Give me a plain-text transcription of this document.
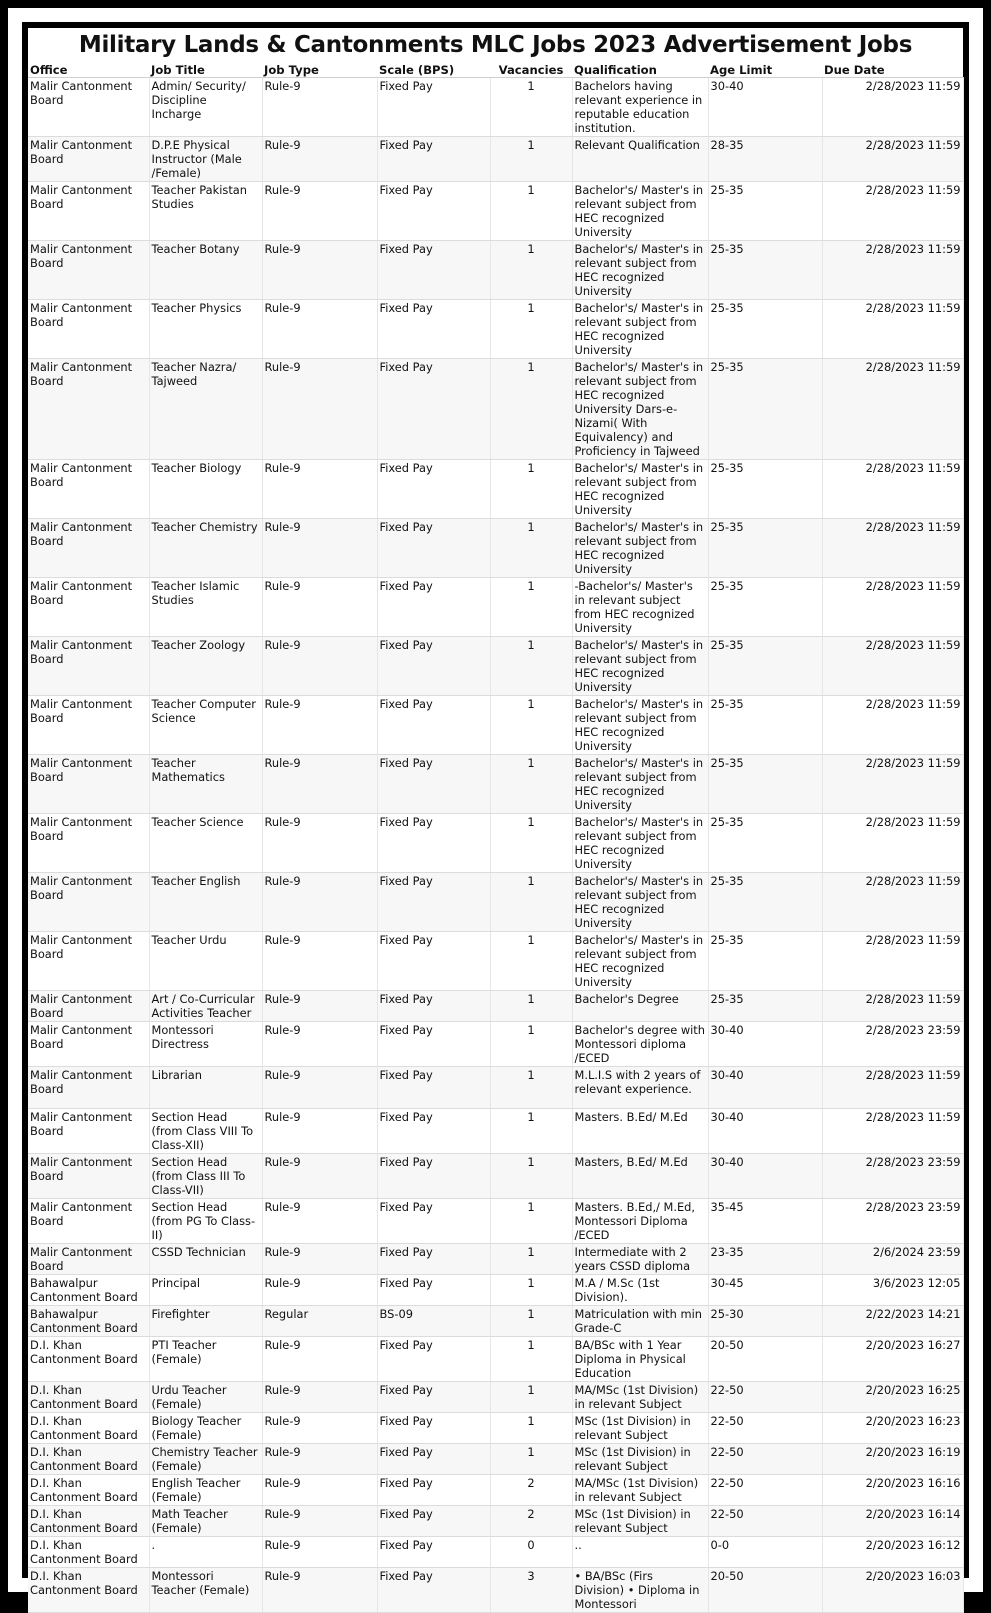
Military Lands & Cantonments MLC Jobs 2023 Advertisement Jobs
Office	Job Title	Job Type	Scale (BPS)	Vacancies	Qualification	Age Limit	Due Date
Malir Cantonment Board	Admin/ Security/ Discipline Incharge	Rule-9	Fixed Pay	1	Bachelors having relevant experience in reputable education institution.	30-40	2/28/2023 11:59
Malir Cantonment Board	D.P.E Physical Instructor (Male /Female)	Rule-9	Fixed Pay	1	Relevant Qualification	28-35	2/28/2023 11:59
Malir Cantonment Board	Teacher Pakistan Studies	Rule-9	Fixed Pay	1	Bachelor's/ Master's in relevant subject from HEC recognized University	25-35	2/28/2023 11:59
Malir Cantonment Board	Teacher Botany	Rule-9	Fixed Pay	1	Bachelor's/ Master's in relevant subject from HEC recognized University	25-35	2/28/2023 11:59
Malir Cantonment Board	Teacher Physics	Rule-9	Fixed Pay	1	Bachelor's/ Master's in relevant subject from HEC recognized University	25-35	2/28/2023 11:59
Malir Cantonment Board	Teacher Nazra/ Tajweed	Rule-9	Fixed Pay	1	Bachelor's/ Master's in relevant subject from HEC recognized University Dars-e-Nizami( With Equivalency) and Proficiency in Tajweed	25-35	2/28/2023 11:59
Malir Cantonment Board	Teacher Biology	Rule-9	Fixed Pay	1	Bachelor's/ Master's in relevant subject from HEC recognized University	25-35	2/28/2023 11:59
Malir Cantonment Board	Teacher Chemistry	Rule-9	Fixed Pay	1	Bachelor's/ Master's in relevant subject from HEC recognized University	25-35	2/28/2023 11:59
Malir Cantonment Board	Teacher Islamic Studies	Rule-9	Fixed Pay	1	-Bachelor's/ Master's in relevant subject from HEC recognized University	25-35	2/28/2023 11:59
Malir Cantonment Board	Teacher Zoology	Rule-9	Fixed Pay	1	Bachelor's/ Master's in relevant subject from HEC recognized University	25-35	2/28/2023 11:59
Malir Cantonment Board	Teacher Computer Science	Rule-9	Fixed Pay	1	Bachelor's/ Master's in relevant subject from HEC recognized University	25-35	2/28/2023 11:59
Malir Cantonment Board	Teacher Mathematics	Rule-9	Fixed Pay	1	Bachelor's/ Master's in relevant subject from HEC recognized University	25-35	2/28/2023 11:59
Malir Cantonment Board	Teacher Science	Rule-9	Fixed Pay	1	Bachelor's/ Master's in relevant subject from HEC recognized University	25-35	2/28/2023 11:59
Malir Cantonment Board	Teacher English	Rule-9	Fixed Pay	1	Bachelor's/ Master's in relevant subject from HEC recognized University	25-35	2/28/2023 11:59
Malir Cantonment Board	Teacher Urdu	Rule-9	Fixed Pay	1	Bachelor's/ Master's in relevant subject from HEC recognized University	25-35	2/28/2023 11:59
Malir Cantonment Board	Art / Co-Curricular Activities Teacher	Rule-9	Fixed Pay	1	Bachelor's Degree	25-35	2/28/2023 11:59
Malir Cantonment Board	Montessori Directress	Rule-9	Fixed Pay	1	Bachelor's degree with Montessori diploma /ECED	30-40	2/28/2023 23:59
Malir Cantonment Board	Librarian	Rule-9	Fixed Pay	1	M.L.I.S with 2 years of relevant experience.	30-40	2/28/2023 11:59
Malir Cantonment Board	Section Head (from Class VIII To Class-XII)	Rule-9	Fixed Pay	1	Masters. B.Ed/ M.Ed	30-40	2/28/2023 11:59
Malir Cantonment Board	Section Head (from Class III To Class-VII)	Rule-9	Fixed Pay	1	Masters, B.Ed/ M.Ed	30-40	2/28/2023 23:59
Malir Cantonment Board	Section Head (from PG To Class-II)	Rule-9	Fixed Pay	1	Masters. B.Ed,/ M.Ed, Montessori Diploma /ECED	35-45	2/28/2023 23:59
Malir Cantonment Board	CSSD Technician	Rule-9	Fixed Pay	1	Intermediate with 2 years CSSD diploma	23-35	2/6/2024 23:59
Bahawalpur Cantonment Board	Principal	Rule-9	Fixed Pay	1	M.A / M.Sc (1st Division).	30-45	3/6/2023 12:05
Bahawalpur Cantonment Board	Firefighter	Regular	BS-09	1	Matriculation with min Grade-C	25-30	2/22/2023 14:21
D.I. Khan Cantonment Board	PTI Teacher (Female)	Rule-9	Fixed Pay	1	BA/BSc with 1 Year Diploma in Physical Education	20-50	2/20/2023 16:27
D.I. Khan Cantonment Board	Urdu Teacher (Female)	Rule-9	Fixed Pay	1	MA/MSc (1st Division) in relevant Subject	22-50	2/20/2023 16:25
D.I. Khan Cantonment Board	Biology Teacher (Female)	Rule-9	Fixed Pay	1	MSc (1st Division) in relevant Subject	22-50	2/20/2023 16:23
D.I. Khan Cantonment Board	Chemistry Teacher (Female)	Rule-9	Fixed Pay	1	MSc (1st Division) in relevant Subject	22-50	2/20/2023 16:19
D.I. Khan Cantonment Board	English Teacher (Female)	Rule-9	Fixed Pay	2	MA/MSc (1st Division) in relevant Subject	22-50	2/20/2023 16:16
D.I. Khan Cantonment Board	Math Teacher (Female)	Rule-9	Fixed Pay	2	MSc (1st Division) in relevant Subject	22-50	2/20/2023 16:14
D.I. Khan Cantonment Board	.	Rule-9	Fixed Pay	0	..	0-0	2/20/2023 16:12
D.I. Khan Cantonment Board	Montessori Teacher (Female)	Rule-9	Fixed Pay	3	• BA/BSc (Firs Division) • Diploma in Montessori	20-50	2/20/2023 16:03
